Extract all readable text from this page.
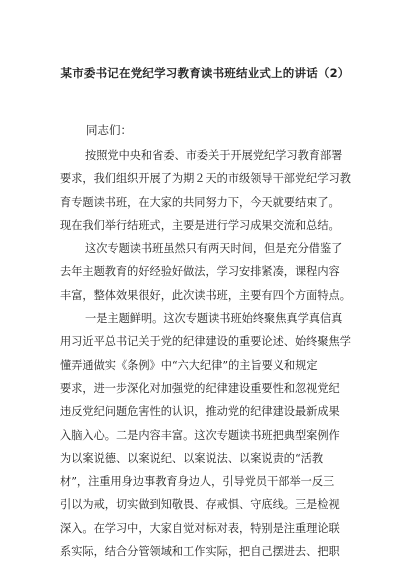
某市委书记在党纪学习教育读书班结业式上的讲话（2）
同志们：
按照党中央和省委、市委关于开展党纪学习教育部署
要求，我们组织开展了为期２天的市级领导干部党纪学习教
育专题读书班，在大家的共同努力下，今天就要结束了。
现在我们举行结班式，主要是进行学习成果交流和总结。
这次专题读书班虽然只有两天时间，但是充分借鉴了
去年主题教育的好经验好做法，学习安排紧凑，课程内容
丰富，整体效果很好，此次读书班，主要有四个方面特点。
一是主题鲜明。这次专题读书班始终聚焦真学真信真
用习近平总书记关于党的纪律建设的重要论述、始终聚焦学
懂弄通做实《条例》中“六大纪律”的主旨要义和规定
要求，进一步深化对加强党的纪律建设重要性和忽视党纪
违反党纪问题危害性的认识，推动党的纪律建设最新成果
入脑入心。二是内容丰富。这次专题读书班把典型案例作
为以案说德、以案说纪、以案说法、以案说责的“活教
材”，注重用身边事教育身边人，引导党员干部举一反三
引以为戒，切实做到知敬畏、存戒惧、守底线。三是检视
深入。在学习中，大家自觉对标对表，特别是注重理论联
系实际，结合分管领域和工作实际，把自己摆进去、把职
